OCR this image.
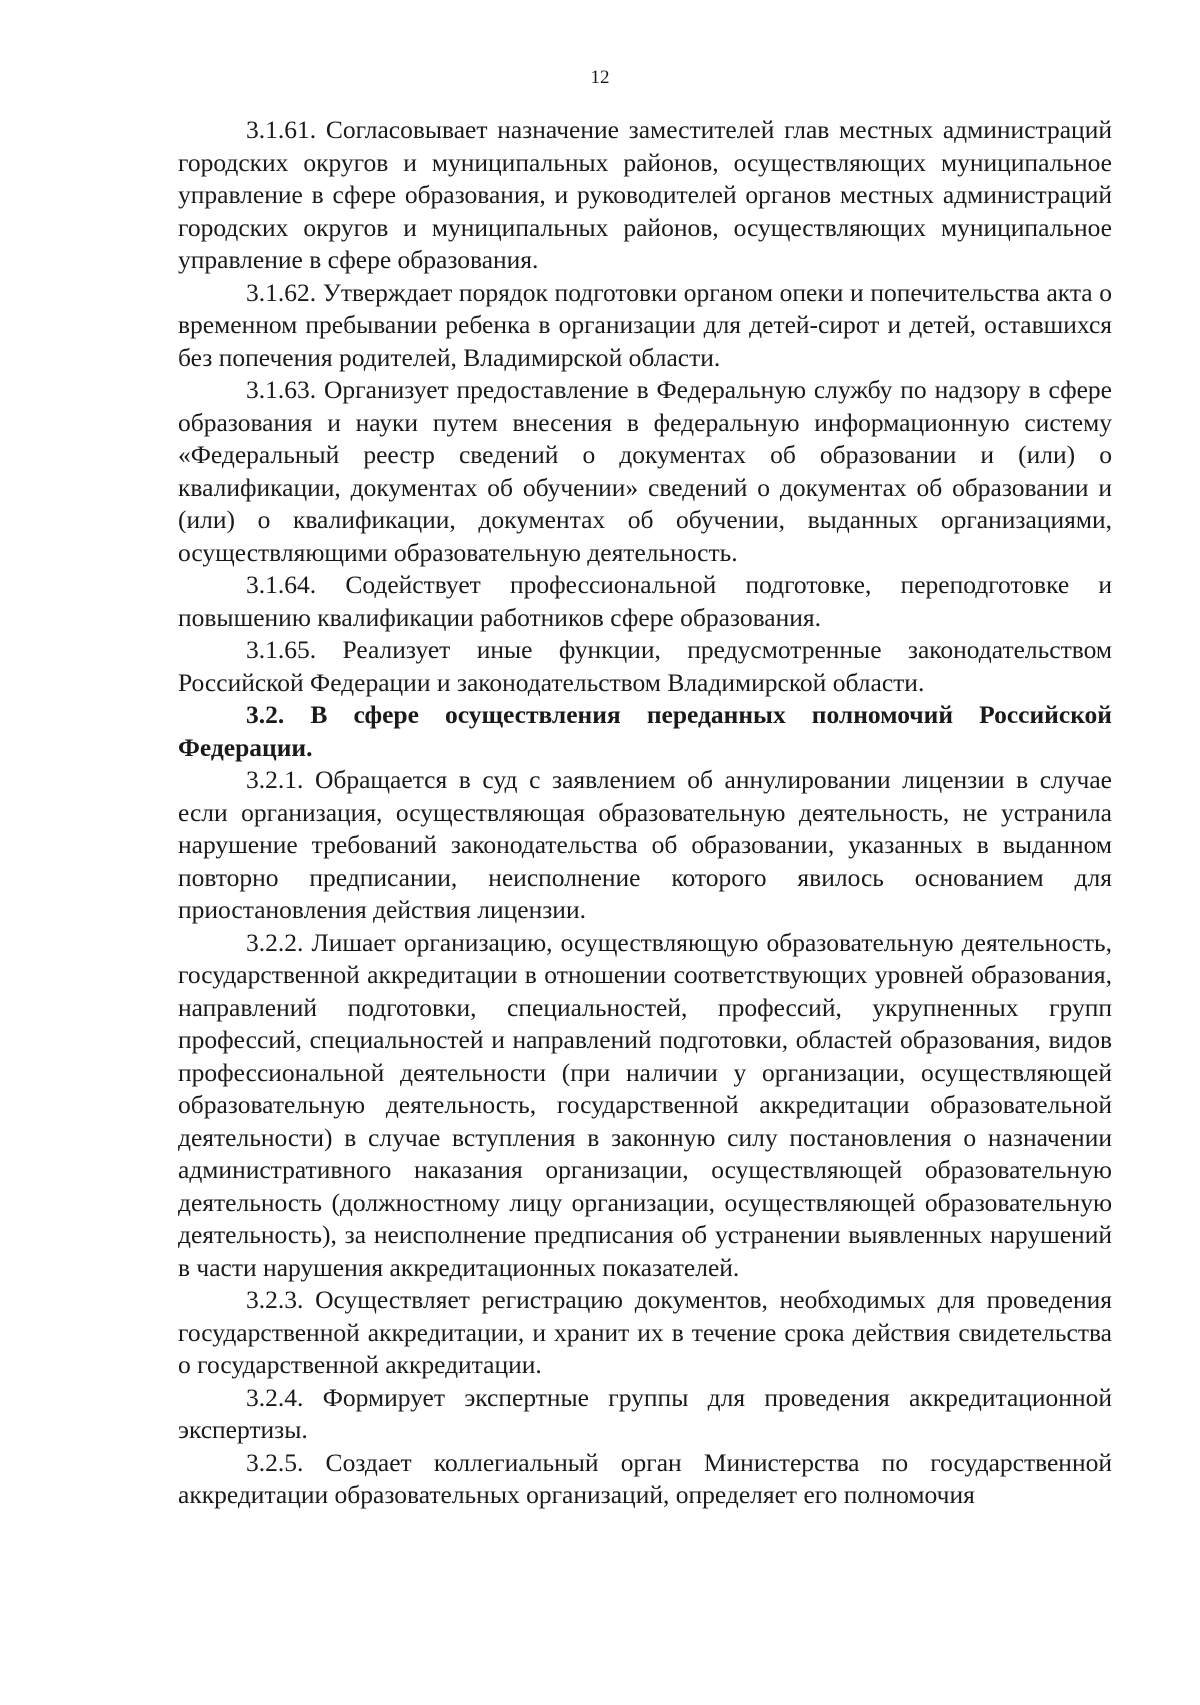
12

3.1.61. Согласовывает назначение заместителей глав местных администраций городских округов и муниципальных районов, осуществляющих муниципальное управление в сфере образования, и руководителей органов местных администраций городских округов и муниципальных районов, осуществляющих муниципальное управление в сфере образования.

3.1.62. Утверждает порядок подготовки органом опеки и попечительства акта о временном пребывании ребенка в организации для детей-сирот и детей, оставшихся без попечения родителей, Владимирской области.

3.1.63. Организует предоставление в Федеральную службу по надзору в сфере образования и науки путем внесения в федеральную информационную систему «Федеральный реестр сведений о документах об образовании и (или) о квалификации, документах об обучении» сведений о документах об образовании и (или) о квалификации, документах об обучении, выданных организациями, осуществляющими образовательную деятельность.

3.1.64. Содействует профессиональной подготовке, переподготовке и повышению квалификации работников сфере образования.

3.1.65. Реализует иные функции, предусмотренные законодательством Российской Федерации и законодательством Владимирской области.

3.2. В сфере осуществления переданных полномочий Российской Федерации.

3.2.1. Обращается в суд с заявлением об аннулировании лицензии в случае если организация, осуществляющая образовательную деятельность, не устранила нарушение требований законодательства об образовании, указанных в выданном повторно предписании, неисполнение которого явилось основанием для приостановления действия лицензии.

3.2.2. Лишает организацию, осуществляющую образовательную деятельность, государственной аккредитации в отношении соответствующих уровней образования, направлений подготовки, специальностей, профессий, укрупненных групп профессий, специальностей и направлений подготовки, областей образования, видов профессиональной деятельности (при наличии у организации, осуществляющей образовательную деятельность, государственной аккредитации образовательной деятельности) в случае вступления в законную силу постановления о назначении административного наказания организации, осуществляющей образовательную деятельность (должностному лицу организации, осуществляющей образовательную деятельность), за неисполнение предписания об устранении выявленных нарушений в части нарушения аккредитационных показателей.

3.2.3. Осуществляет регистрацию документов, необходимых для проведения государственной аккредитации, и хранит их в течение срока действия свидетельства о государственной аккредитации.

3.2.4. Формирует экспертные группы для проведения аккредитационной экспертизы.

3.2.5. Создает коллегиальный орган Министерства по государственной аккредитации образовательных организаций, определяет его полномочия
